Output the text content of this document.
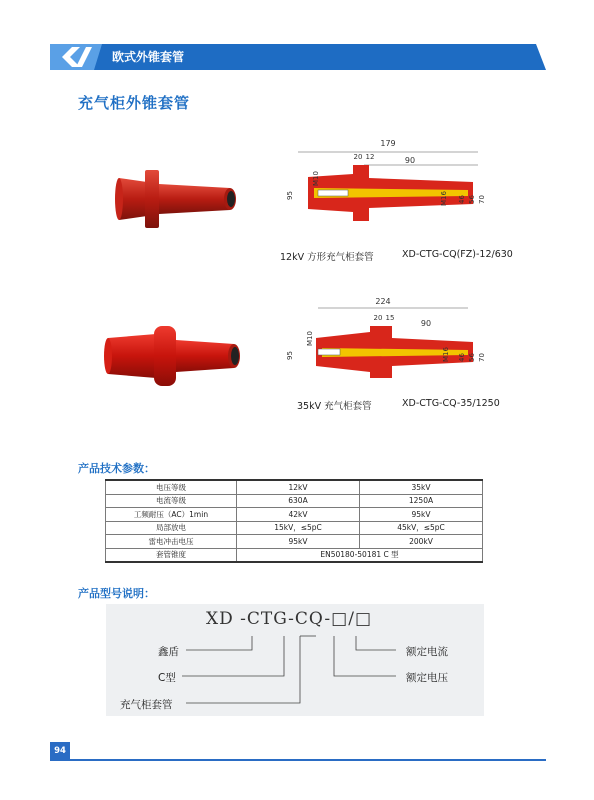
欧式外锥套管
充气柜外锥套管
179
20 12	90
95
M10
M16 46 56 70
12kV 方形充气柜套管	XD-CTG-CQ(FZ)-12/630
224
20 15
90
95
M10
M16 46 56 70
35kV 充气柜套管	XD-CTG-CQ-35/1250
产品技术参数：
电压等级	12kV	35kV
电流等级	630A	1250A
工频耐压（AC）1min	42kV	95kV
局部放电	15kV，≤5pC	45kV，≤5pC
雷电冲击电压	95kV	200kV
套管锥度	EN50180-50181 C 型	
产品型号说明：
XD -CTG-CQ-□/□
鑫盾
C型
充气柜套管
额定电流
额定电压
94
